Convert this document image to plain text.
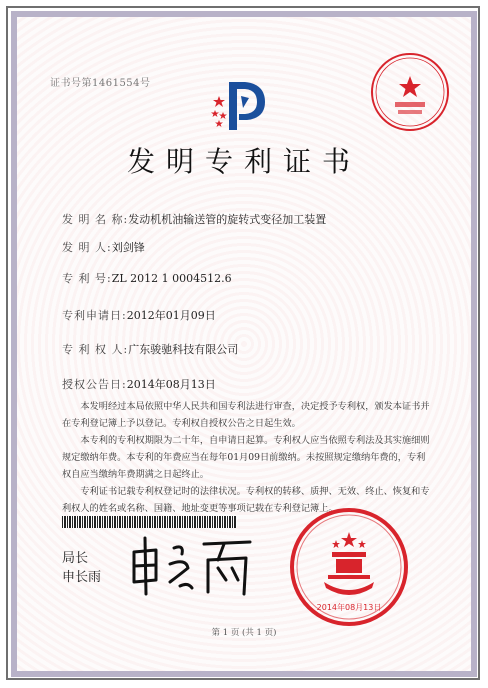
证书号第1461554号
发明专利证书
发 明 名 称:发动机机油输送管的旋转式变径加工装置
发 明 人:刘剑锋
专 利 号:ZL 2012 1 0004512.6
专利申请日:2012年01月09日
专 利 权 人:广东骏驰科技有限公司
授权公告日:2014年08月13日

本发明经过本局依照中华人民共和国专利法进行审查，决定授予专利权，颁发本证书并在专利登记簿上予以登记。专利权自授权公告之日起生效。

本专利的专利权期限为二十年，自申请日起算。专利权人应当依照专利法及其实施细则规定缴纳年费。本专利的年费应当在每年01月09日前缴纳。未按照规定缴纳年费的，专利权自应当缴纳年费期满之日起终止。

专利证书记载专利权登记时的法律状况。专利权的转移、质押、无效、终止、恢复和专利权人的姓名或名称、国籍、地址变更等事项记载在专利登记簿上。

局长
申长雨
2014年08月13日
第 1 页 (共 1 页)
